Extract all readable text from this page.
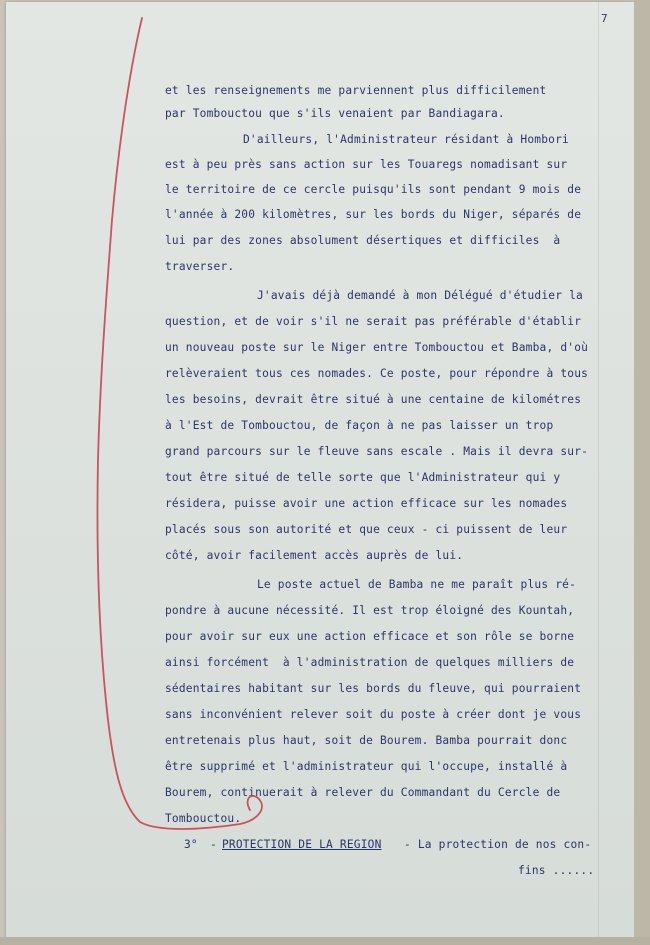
7
et les renseignements me parviennent plus difficilement
par Tombouctou que s'ils venaient par Bandiagara.
D'ailleurs, l'Administrateur résidant à Hombori
est à peu près sans action sur les Touaregs nomadisant sur
le territoire de ce cercle puisqu'ils sont pendant 9 mois de
l'année à 200 kilomètres, sur les bords du Niger, séparés de
lui par des zones absolument désertiques et difficiles  à
traverser.
J'avais déjà demandé à mon Délégué d'étudier la
question, et de voir s'il ne serait pas préférable d'établir
un nouveau poste sur le Niger entre Tombouctou et Bamba, d'où
relèveraient tous ces nomades. Ce poste, pour répondre à tous
les besoins, devrait être situé à une centaine de kilométres
à l'Est de Tombouctou, de façon à ne pas laisser un trop
grand parcours sur le fleuve sans escale . Mais il devra sur-
tout être situé de telle sorte que l'Administrateur qui y
résidera, puisse avoir une action efficace sur les nomades
placés sous son autorité et que ceux - ci puissent de leur
côté, avoir facilement accès auprès de lui.
Le poste actuel de Bamba ne me paraît plus ré-
pondre à aucune nécessité. Il est trop éloigné des Kountah,
pour avoir sur eux une action efficace et son rôle se borne
ainsi forcément  à l'administration de quelques milliers de
sédentaires habitant sur les bords du fleuve, qui pourraient
sans inconvénient relever soit du poste à créer dont je vous
entretenais plus haut, soit de Bourem. Bamba pourrait donc
être supprimé et l'administrateur qui l'occupe, installé à
Bourem, continuerait à relever du Commandant du Cercle de
Tombouctou.
3° - PROTECTION DE LA REGION - La protection de nos con-
fins ......
